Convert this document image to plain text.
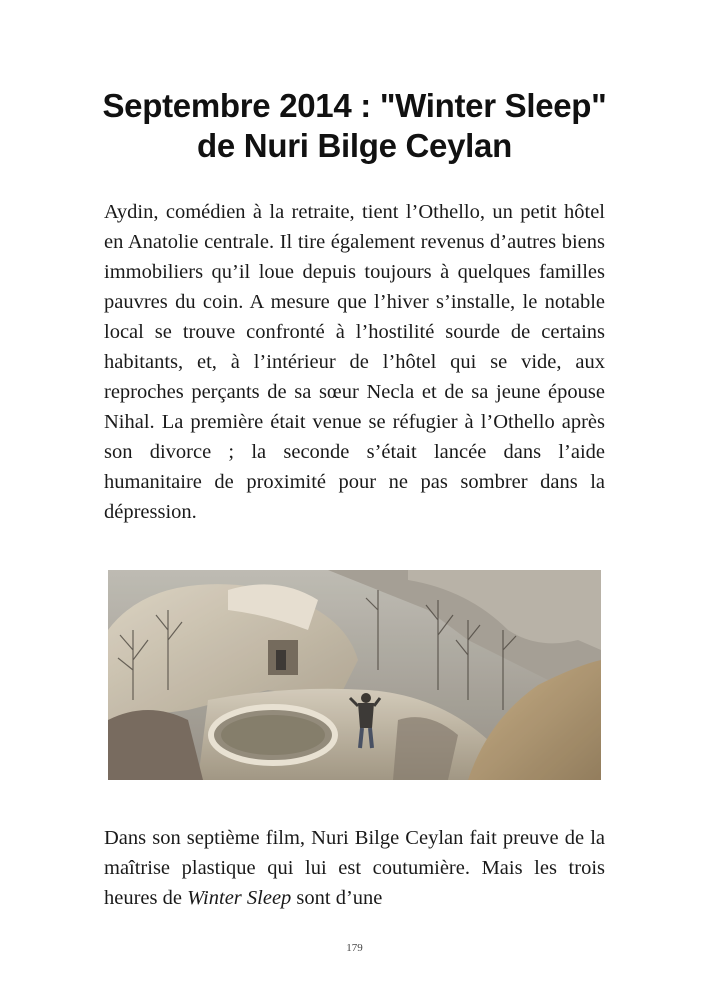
Septembre 2014 : "Winter Sleep" de Nuri Bilge Ceylan

Aydin, comédien à la retraite, tient l’Othello, un petit hôtel en Anatolie centrale. Il tire également revenus d’autres biens immobiliers qu’il loue depuis toujours à quelques familles pauvres du coin. A mesure que l’hiver s’installe, le notable local se trouve confronté à l’hostilité sourde de certains habitants, et, à l’intérieur de l’hôtel qui se vide, aux reproches perçants de sa sœur Necla et de sa jeune épouse Nihal. La première était venue se réfugier à l’Othello après son divorce ; la seconde s’était lancée dans l’aide humanitaire de proximité pour ne pas sombrer dans la dépression.

Dans son septième film, Nuri Bilge Ceylan fait preuve de la maîtrise plastique qui lui est coutumière. Mais les trois heures de Winter Sleep sont d’une

179
